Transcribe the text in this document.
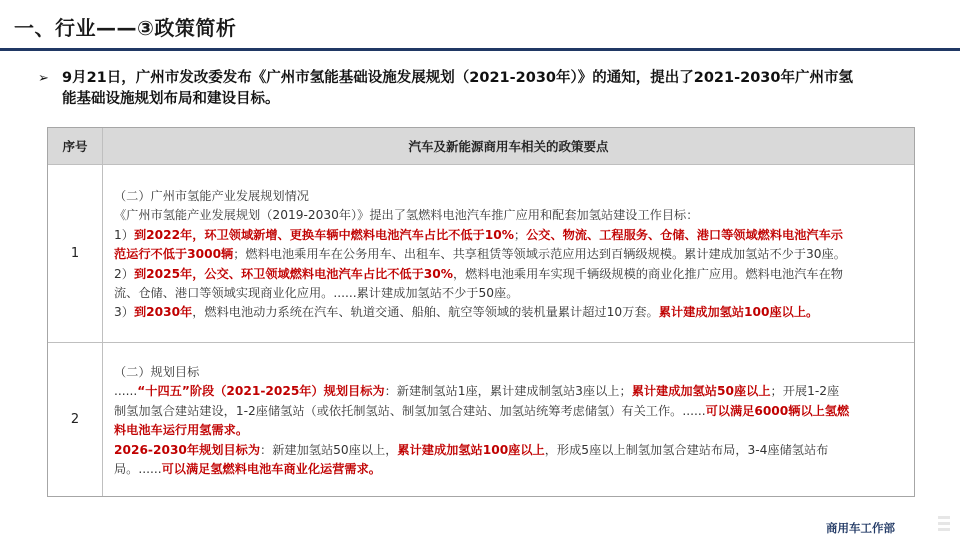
一、行业——③政策简析
➢ 9月21日，广州市发改委发布《广州市氢能基础设施发展规划（2021-2030年）》的通知，提出了2021-2030年广州市氢
能基础设施规划布局和建设目标。
序号	汽车及新能源商用车相关的政策要点
1
（二）广州市氢能产业发展规划情况
《广州市氢能产业发展规划（2019-2030年）》提出了氢燃料电池汽车推广应用和配套加氢站建设工作目标：
1）到2022年，环卫领域新增、更换车辆中燃料电池汽车占比不低于10%；公交、物流、工程服务、仓储、港口等领域燃料电池汽车示
范运行不低于3000辆；燃料电池乘用车在公务用车、出租车、共享租赁等领域示范应用达到百辆级规模。累计建成加氢站不少于30座。
2）到2025年，公交、环卫领域燃料电池汽车占比不低于30%，燃料电池乘用车实现千辆级规模的商业化推广应用。燃料电池汽车在物
流、仓储、港口等领域实现商业化应用。......累计建成加氢站不少于50座。
3）到2030年，燃料电池动力系统在汽车、轨道交通、船舶、航空等领域的装机量累计超过10万套。累计建成加氢站100座以上。
2
（二）规划目标
......“十四五”阶段（2021-2025年）规划目标为：新建制氢站1座，累计建成制氢站3座以上；累计建成加氢站50座以上；开展1-2座
制氢加氢合建站建设，1-2座储氢站（或依托制氢站、制氢加氢合建站、加氢站统筹考虑储氢）有关工作。......可以满足6000辆以上氢燃
料电池车运行用氢需求。
2026-2030年规划目标为：新建加氢站50座以上，累计建成加氢站100座以上，形成5座以上制氢加氢合建站布局，3-4座储氢站布
局。......可以满足氢燃料电池车商业化运营需求。
商用车工作部
